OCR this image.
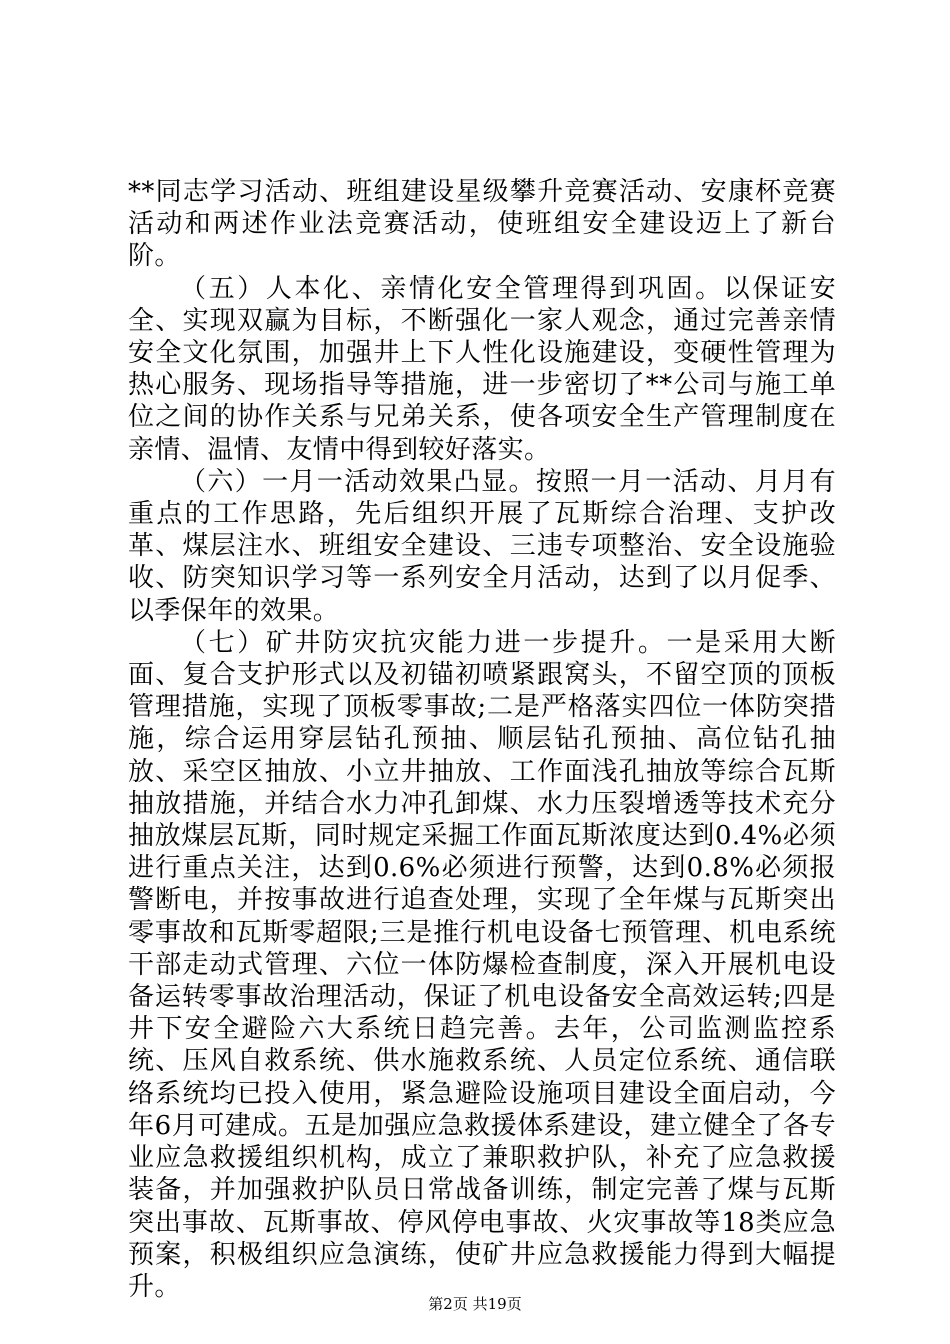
**同志学习活动、班组建设星级攀升竞赛活动、安康杯竞赛活动和两述作业法竞赛活动，使班组安全建设迈上了新台阶。

（五）人本化、亲情化安全管理得到巩固。以保证安全、实现双赢为目标，不断强化一家人观念，通过完善亲情安全文化氛围，加强井上下人性化设施建设，变硬性管理为热心服务、现场指导等措施，进一步密切了**公司与施工单位之间的协作关系与兄弟关系，使各项安全生产管理制度在亲情、温情、友情中得到较好落实。

（六）一月一活动效果凸显。按照一月一活动、月月有重点的工作思路，先后组织开展了瓦斯综合治理、支护改革、煤层注水、班组安全建设、三违专项整治、安全设施验收、防突知识学习等一系列安全月活动，达到了以月促季、以季保年的效果。

（七）矿井防灾抗灾能力进一步提升。一是采用大断面、复合支护形式以及初锚初喷紧跟窝头，不留空顶的顶板管理措施，实现了顶板零事故;二是严格落实四位一体防突措施，综合运用穿层钻孔预抽、顺层钻孔预抽、高位钻孔抽放、采空区抽放、小立井抽放、工作面浅孔抽放等综合瓦斯抽放措施，并结合水力冲孔卸煤、水力压裂增透等技术充分抽放煤层瓦斯，同时规定采掘工作面瓦斯浓度达到0.4%必须进行重点关注，达到0.6%必须进行预警，达到0.8%必须报警断电，并按事故进行追查处理，实现了全年煤与瓦斯突出零事故和瓦斯零超限;三是推行机电设备七预管理、机电系统干部走动式管理、六位一体防爆检查制度，深入开展机电设备运转零事故治理活动，保证了机电设备安全高效运转;四是井下安全避险六大系统日趋完善。去年，公司监测监控系统、压风自救系统、供水施救系统、人员定位系统、通信联络系统均已投入使用，紧急避险设施项目建设全面启动，今年6月可建成。五是加强应急救援体系建设，建立健全了各专业应急救援组织机构，成立了兼职救护队，补充了应急救援装备，并加强救护队员日常战备训练，制定完善了煤与瓦斯突出事故、瓦斯事故、停风停电事故、火灾事故等18类应急预案，积极组织应急演练，使矿井应急救援能力得到大幅提升。

第2页 共19页
